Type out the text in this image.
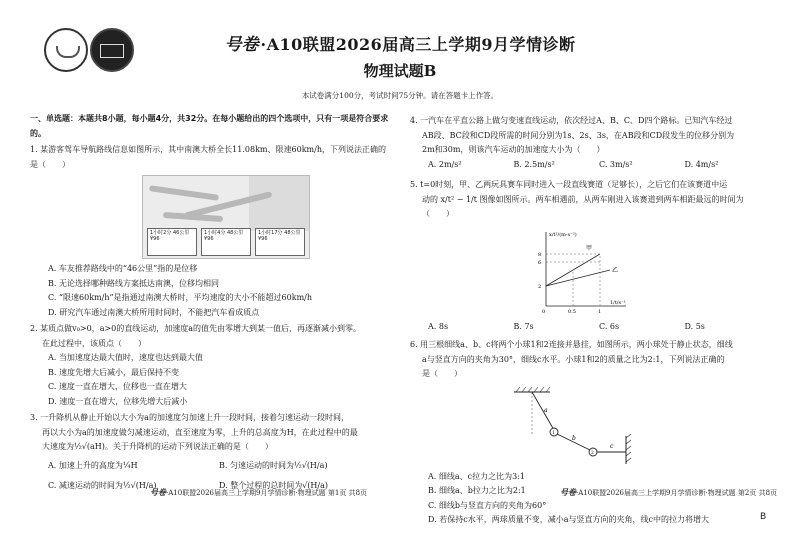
号卷 ·A10联盟2026届高三上学期9月学情诊断
物理试题B
本试卷满分100分，考试时间75分钟。请在答题卡上作答。
一、单选题：本题共8小题，每小题4分，共32分。在每小题给出的四个选项中，只有一项是符合要求的。
1. 某游客驾车导航路线信息如图所示，其中南澳大桥全长11.08km、限速60km/h，下列说法正确的是（　　）
1小时2分 46公里 ¥96
1小时4分 48公里 ¥96
1小时17分 48公里 ¥96
A. 车友推荐路线中的“46公里”指的是位移
B. 无论选择哪种路线方案抵达南澳，位移均相同
C. “限速60km/h”是指通过南澳大桥时，平均速度的大小不能超过60km/h
D. 研究汽车通过南澳大桥所用时间时，不能把汽车看成质点
2. 某质点做v₀>0，a>0的直线运动，加速度a的值先由零增大到某一值后，再逐渐减小到零。
在此过程中，该质点（　　）
A. 当加速度达最大值时，速度也达到最大值
B. 速度先增大后减小，最后保持不变
C. 速度一直在增大，位移也一直在增大
D. 速度一直在增大，位移先增大后减小
3. 一升降机从静止开始以大小为a的加速度匀加速上升一段时间，接着匀速运动一段时间，
再以大小为a的加速度做匀减速运动，直至速度为零，上升的总高度为H，在此过程中的最
大速度为½√(aH)。关于升降机的运动下列说法正确的是（　　）
A. 加速上升的高度为¼H	B. 匀速运动的时间为½√(H/a)
C. 减速运动的时间为½√(H/a)	D. 整个过程的总时间为√(H/a)
4. 一汽车在平直公路上做匀变速直线运动，依次经过A、B、C、D四个路标。已知汽车经过
AB段、BC段和CD段所需的时间分别为1s、2s、3s，在AB段和CD段发生的位移分别为
2m和30m，则该汽车运动的加速度大小为（　　）
A. 2m/s²	B. 2.5m/s²	C. 3m/s²	D. 4m/s²
5. t=0时刻，甲、乙两玩具赛车同时进入一段直线赛道（足够长），之后它们在该赛道中运
动的 x/t² − 1/t 图像如图所示。两车相遇前，从两车刚进入该赛道到两车相距最远的时间为
（　　）
x/t²/(m·s⁻²)
1/t/s⁻¹
甲
乙
8
6
2
0	0.5	1
A. 8s	B. 7s	C. 6s	D. 5s
6. 用三根细线a、b、c将两个小球1和2连接并悬挂，如图所示，两小球处于静止状态，细线
a与竖直方向的夹角为30°，细线c水平。小球1和2的质量之比为2:1，下列说法正确的
是（　　）
a
b
c
1
2
A. 细线a、c拉力之比为3:1
B. 细线a、b拉力之比为2:1
C. 细线b与竖直方向的夹角为60°
D. 若保持c水平，两球质量不变，减小a与竖直方向的夹角，线c中的拉力将增大
号卷·A10联盟2026届高三上学期9月学情诊断·物理试题 第1页 共8页	号卷·A10联盟2026届高三上学期9月学情诊断·物理试题 第2页 共8页
B
